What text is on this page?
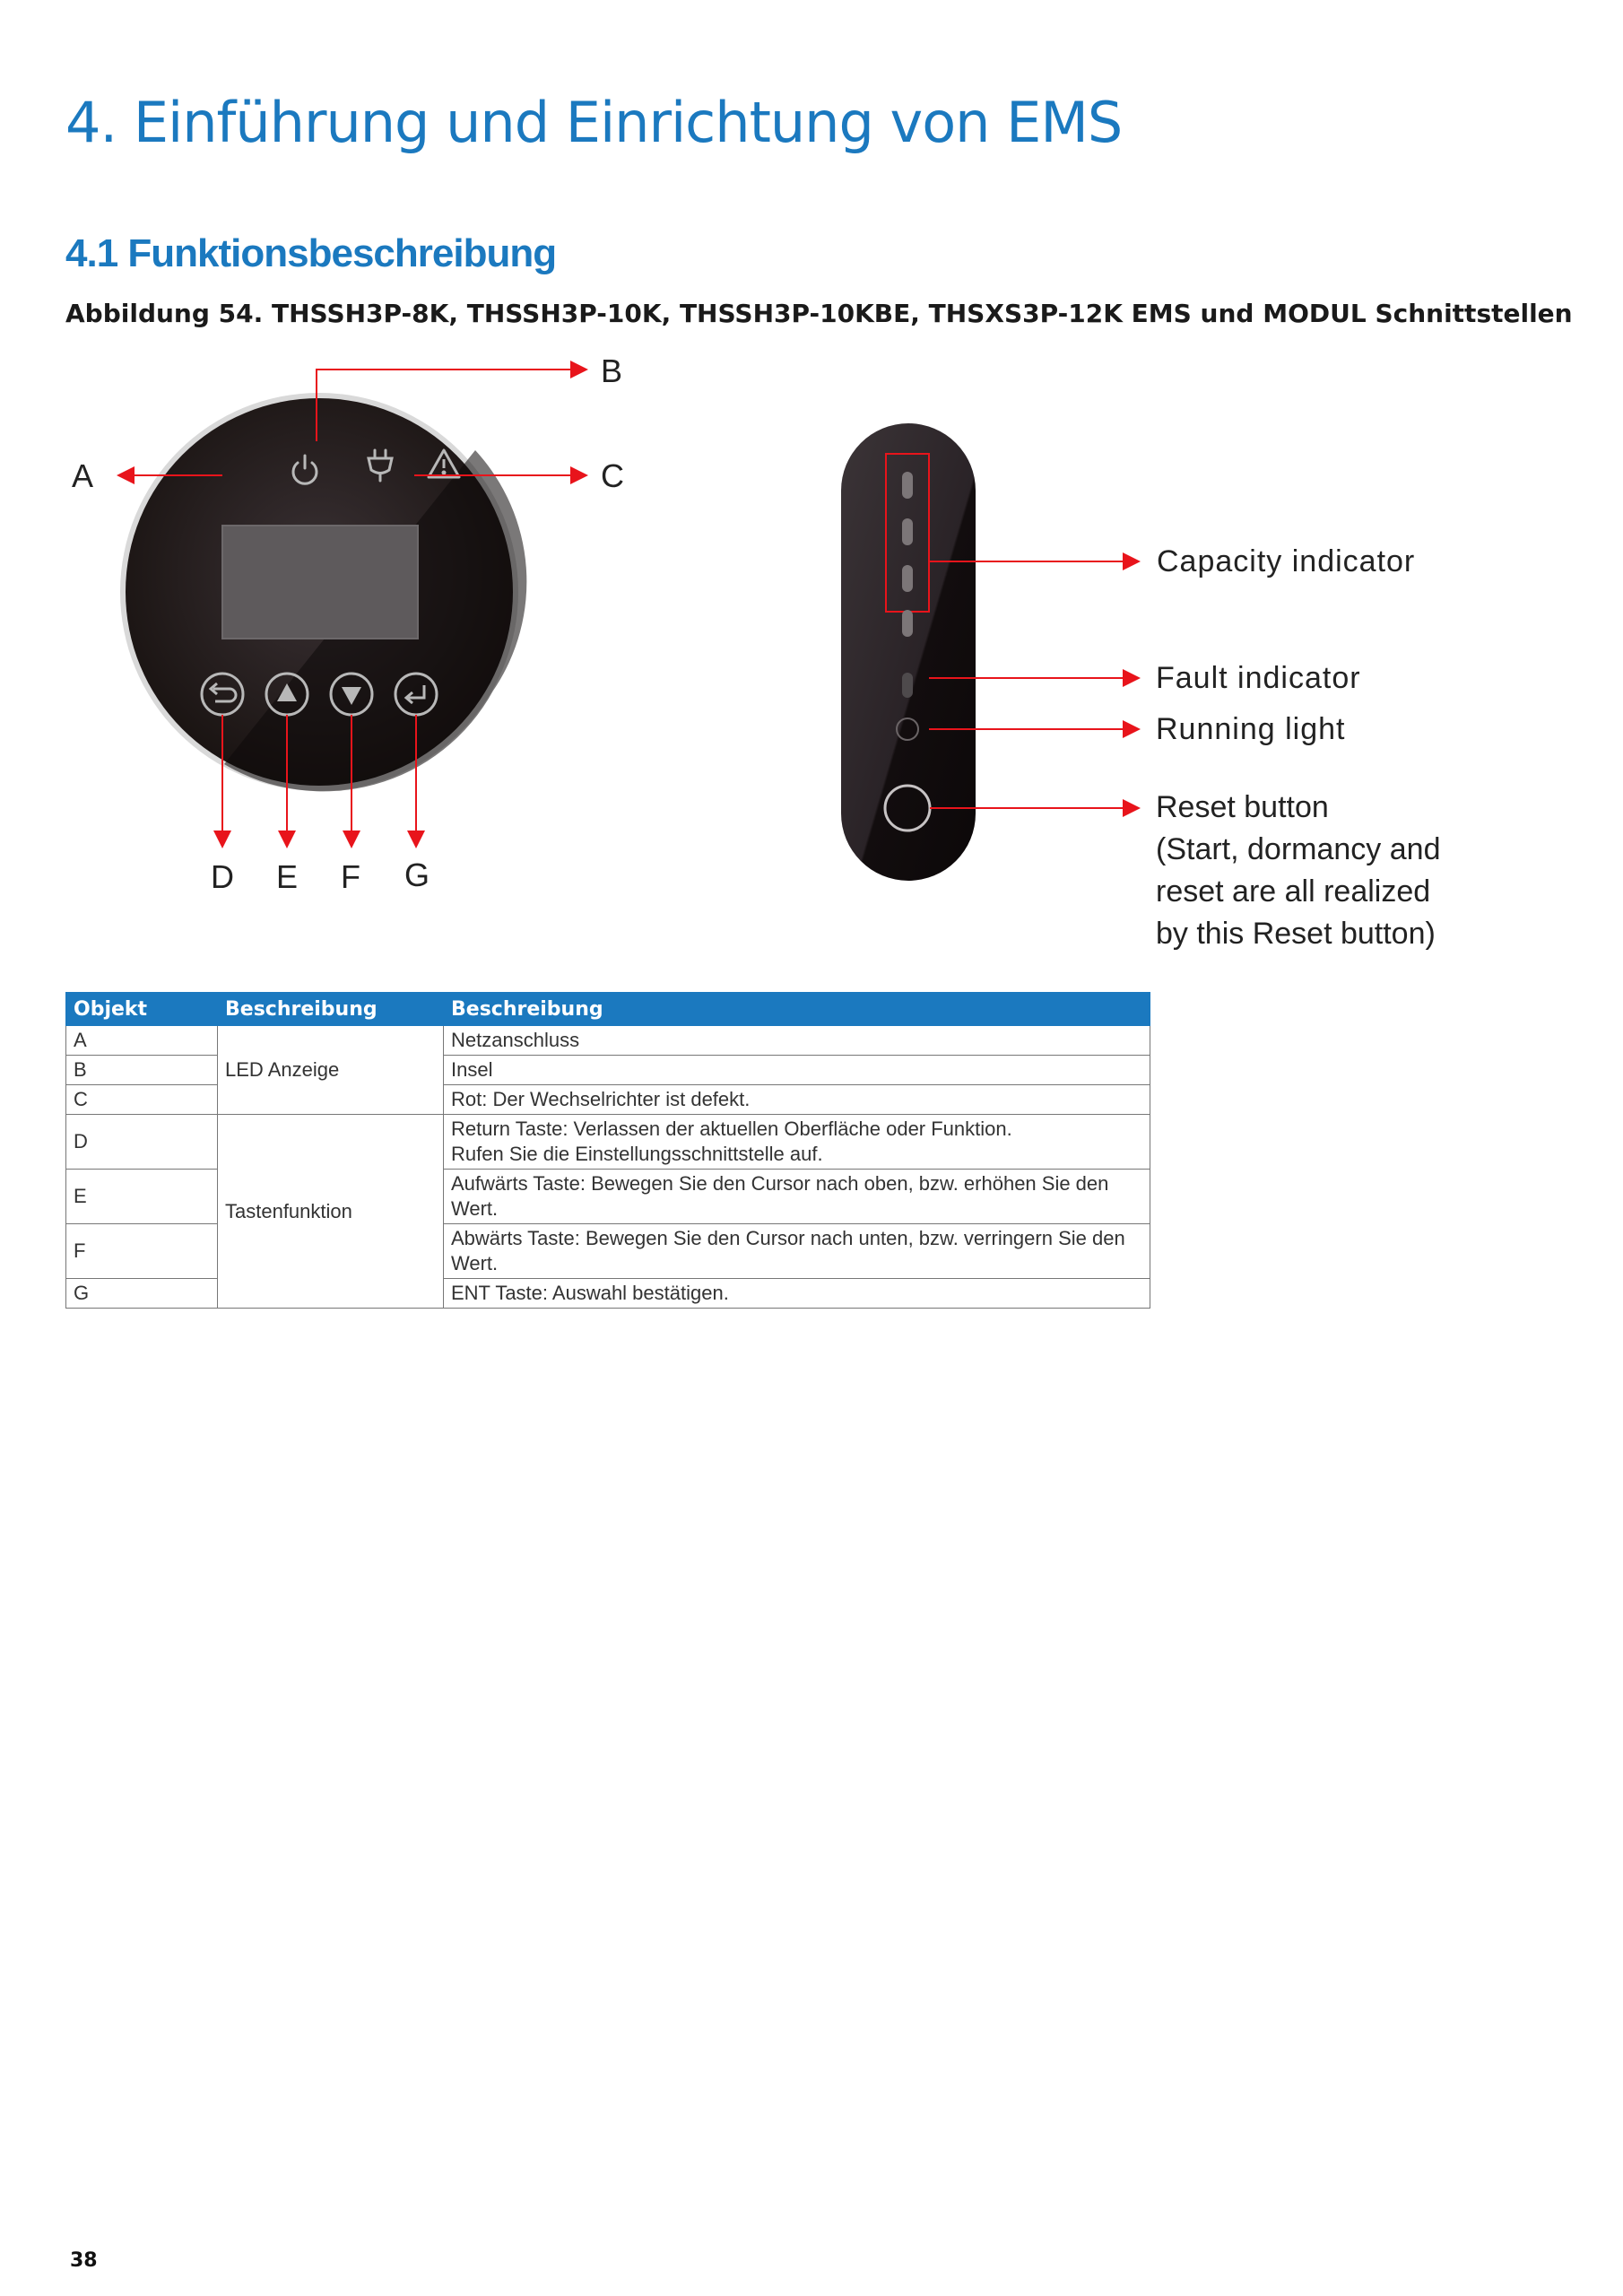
4. Einführung und Einrichtung von EMS
4.1 Funktionsbeschreibung
Abbildung 54. THSSH3P-8K, THSSH3P-10K, THSSH3P-10KBE, THSXS3P-12K EMS und MODUL Schnittstellen
A
B
C
D E F G
Capacity indicator
Fault indicator
Running light
Reset button
(Start, dormancy and
reset are all realized
by this Reset button)
Objekt	Beschreibung	Beschreibung
A	LED Anzeige	Netzanschluss
B		Insel
C		Rot: Der Wechselrichter ist defekt.
D	Tastenfunktion	Return Taste: Verlassen der aktuellen Oberfläche oder Funktion.
Rufen Sie die Einstellungsschnittstelle auf.

E		Aufwärts Taste: Bewegen Sie den Cursor nach oben, bzw. erhöhen Sie den Wert.
F		Abwärts Taste: Bewegen Sie den Cursor nach unten, bzw. verringern Sie den Wert.
G		ENT Taste: Auswahl bestätigen.
38
